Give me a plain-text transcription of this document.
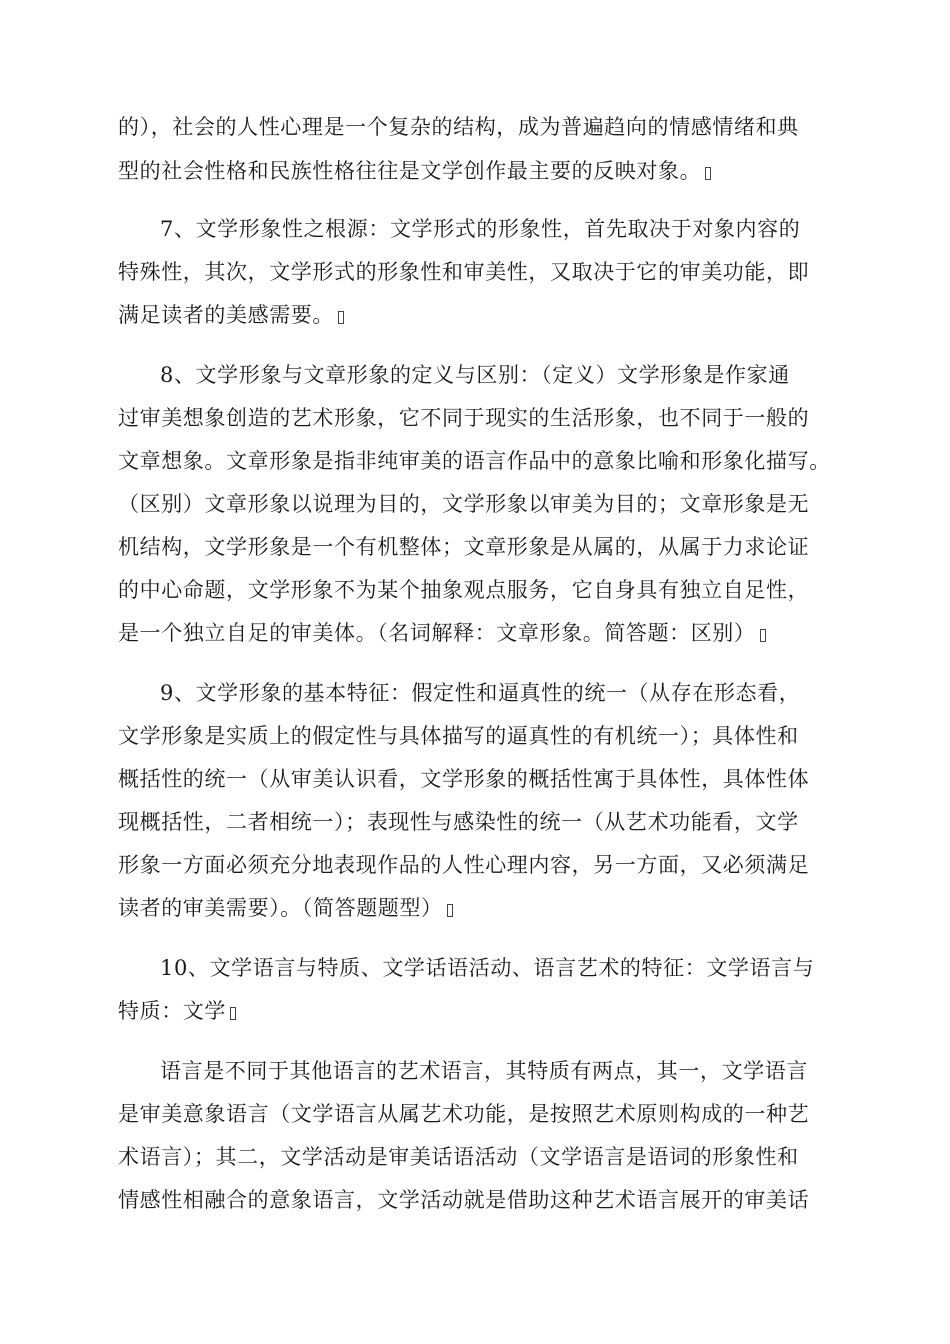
的），社会的人性心理是一个复杂的结构，成为普遍趋向的情感情绪和典
型的社会性格和民族性格往往是文学创作最主要的反映对象。
7、文学形象性之根源：文学形式的形象性，首先取决于对象内容的
特殊性，其次，文学形式的形象性和审美性，又取决于它的审美功能，即
满足读者的美感需要。
8、文学形象与文章形象的定义与区别：（定义）文学形象是作家通
过审美想象创造的艺术形象，它不同于现实的生活形象，也不同于一般的
文章想象。文章形象是指非纯审美的语言作品中的意象比喻和形象化描写。
（区别）文章形象以说理为目的，文学形象以审美为目的；文章形象是无
机结构，文学形象是一个有机整体；文章形象是从属的，从属于力求论证
的中心命题，文学形象不为某个抽象观点服务，它自身具有独立自足性，
是一个独立自足的审美体。（名词解释：文章形象。简答题：区别）
9、文学形象的基本特征：假定性和逼真性的统一（从存在形态看，
文学形象是实质上的假定性与具体描写的逼真性的有机统一）；具体性和
概括性的统一（从审美认识看，文学形象的概括性寓于具体性，具体性体
现概括性，二者相统一）；表现性与感染性的统一（从艺术功能看，文学
形象一方面必须充分地表现作品的人性心理内容，另一方面，又必须满足
读者的审美需要）。（简答题题型）
10、文学语言与特质、文学话语活动、语言艺术的特征：文学语言与
特质：文学
语言是不同于其他语言的艺术语言，其特质有两点，其一，文学语言
是审美意象语言（文学语言从属艺术功能，是按照艺术原则构成的一种艺
术语言）；其二，文学活动是审美话语活动（文学语言是语词的形象性和
情感性相融合的意象语言，文学活动就是借助这种艺术语言展开的审美话
